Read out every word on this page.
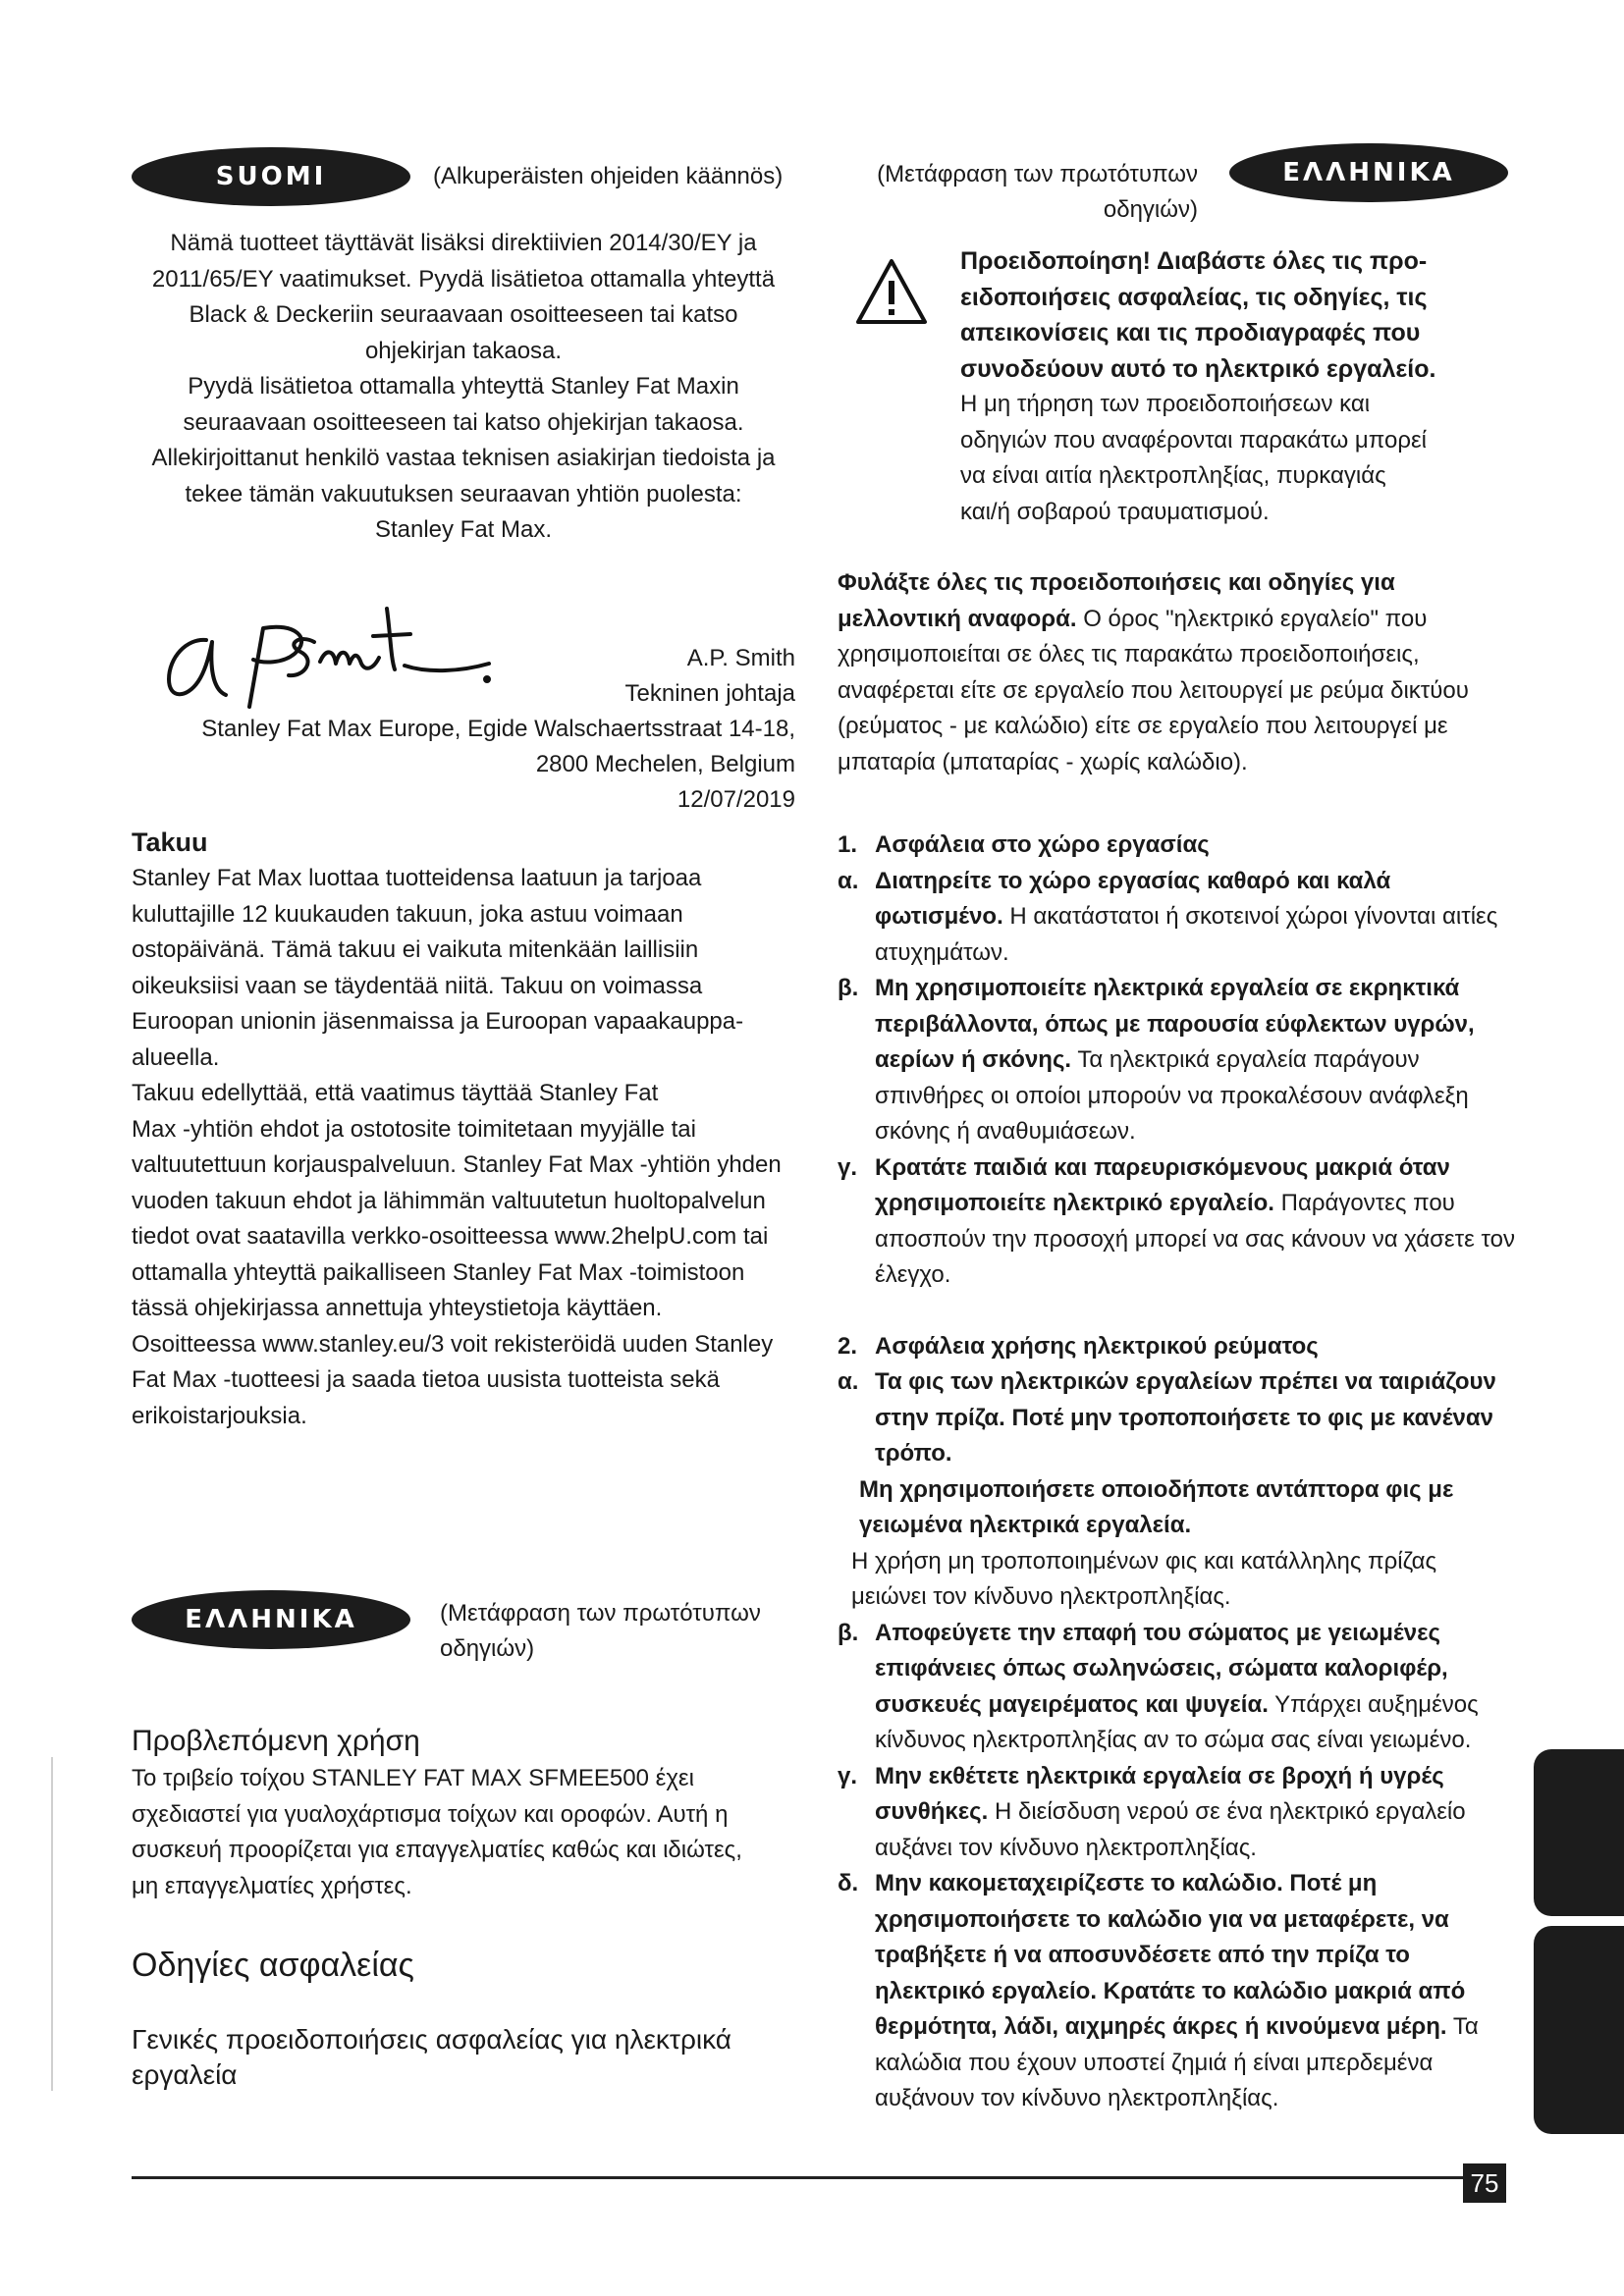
SUOMI	(Alkuperäisten ohjeiden käännös)
Nämä tuotteet täyttävät lisäksi direktiivien 2014/30/EY ja
2011/65/EY vaatimukset. Pyydä lisätietoa ottamalla yhteyttä
Black & Deckeriin seuraavaan osoitteeseen tai katso
ohjekirjan takaosa.
Pyydä lisätietoa ottamalla yhteyttä Stanley Fat Maxin
seuraavaan osoitteeseen tai katso ohjekirjan takaosa.
Allekirjoittanut henkilö vastaa teknisen asiakirjan tiedoista ja
tekee tämän vakuutuksen seuraavan yhtiön puolesta:
Stanley Fat Max.
A.P. Smith
Tekninen johtaja
Stanley Fat Max Europe, Egide Walschaertsstraat 14-18,
2800 Mechelen, Belgium
12/07/2019
Takuu
Stanley Fat Max luottaa tuotteidensa laatuun ja tarjoaa
kuluttajille 12 kuukauden takuun, joka astuu voimaan
ostopäivänä. Tämä takuu ei vaikuta mitenkään laillisiin
oikeuksiisi vaan se täydentää niitä. Takuu on voimassa
Euroopan unionin jäsenmaissa ja Euroopan vapaakauppa-
alueella.
Takuu edellyttää, että vaatimus täyttää Stanley Fat
Max -yhtiön ehdot ja ostotosite toimitetaan myyjälle tai
valtuutettuun korjauspalveluun. Stanley Fat Max -yhtiön yhden
vuoden takuun ehdot ja lähimmän valtuutetun huoltopalvelun
tiedot ovat saatavilla verkko-osoitteessa www.2helpU.com tai
ottamalla yhteyttä paikalliseen Stanley Fat Max -toimistoon
tässä ohjekirjassa annettuja yhteystietoja käyttäen.
Osoitteessa www.stanley.eu/3 voit rekisteröidä uuden Stanley
Fat Max -tuotteesi ja saada tietoa uusista tuotteista sekä
erikoistarjouksia.
ΕΛΛΗΝΙΚΑ	(Μετάφραση των πρωτότυπων
οδηγιών)
Προβλεπόμενη χρήση
Το τριβείο τοίχου STANLEY FAT MAX SFMEE500 έχει
σχεδιαστεί για γυαλοχάρτισμα τοίχων και οροφών. Αυτή η
συσκευή προορίζεται για επαγγελματίες καθώς και ιδιώτες,
μη επαγγελματίες χρήστες.
Οδηγίες ασφαλείας
Γενικές προειδοποιήσεις ασφαλείας για ηλεκτρικά
εργαλεία
(Μετάφραση των πρωτότυπων
οδηγιών)
ΕΛΛΗΝΙΚΑ
Προειδοποίηση! Διαβάστε όλες τις προ-
ειδοποιήσεις ασφαλείας, τις οδηγίες, τις
απεικονίσεις και τις προδιαγραφές που
συνοδεύουν αυτό το ηλεκτρικό εργαλείο.
Η μη τήρηση των προειδοποιήσεων και
οδηγιών που αναφέρονται παρακάτω μπορεί
να είναι αιτία ηλεκτροπληξίας, πυρκαγιάς
και/ή σοβαρού τραυματισμού.
Φυλάξτε όλες τις προειδοποιήσεις και οδηγίες για
μελλοντική αναφορά. Ο όρος "ηλεκτρικό εργαλείο" που
χρησιμοποιείται σε όλες τις παρακάτω προειδοποιήσεις,
αναφέρεται είτε σε εργαλείο που λειτουργεί με ρεύμα δικτύου
(ρεύματος - με καλώδιο) είτε σε εργαλείο που λειτουργεί με
μπαταρία (μπαταρίας - χωρίς καλώδιο).
1. Ασφάλεια στο χώρο εργασίας
α. Διατηρείτε το χώρο εργασίας καθαρό και καλά φωτισμένο. Η ακατάστατοι ή σκοτεινοί χώροι γίνονται αιτίες ατυχημάτων.
β. Μη χρησιμοποιείτε ηλεκτρικά εργαλεία σε εκρηκτικά περιβάλλοντα, όπως με παρουσία εύφλεκτων υγρών, αερίων ή σκόνης. Τα ηλεκτρικά εργαλεία παράγουν σπινθήρες οι οποίοι μπορούν να προκαλέσουν ανάφλεξη σκόνης ή αναθυμιάσεων.
γ. Κρατάτε παιδιά και παρευρισκόμενους μακριά όταν χρησιμοποιείτε ηλεκτρικό εργαλείο. Παράγοντες που αποσπούν την προσοχή μπορεί να σας κάνουν να χάσετε τον έλεγχο.
2. Ασφάλεια χρήσης ηλεκτρικού ρεύματος
α. Τα φις των ηλεκτρικών εργαλείων πρέπει να ταιριάζουν στην πρίζα. Ποτέ μην τροποποιήσετε το φις με κανέναν τρόπο.
Μη χρησιμοποιήσετε οποιοδήποτε αντάπτορα φις με γειωμένα ηλεκτρικά εργαλεία.
Η χρήση μη τροποποιημένων φις και κατάλληλης πρίζας μειώνει τον κίνδυνο ηλεκτροπληξίας.
β. Αποφεύγετε την επαφή του σώματος με γειωμένες επιφάνειες όπως σωληνώσεις, σώματα καλοριφέρ, συσκευές μαγειρέματος και ψυγεία. Υπάρχει αυξημένος κίνδυνος ηλεκτροπληξίας αν το σώμα σας είναι γειωμένο.
γ. Μην εκθέτετε ηλεκτρικά εργαλεία σε βροχή ή υγρές συνθήκες. Η διείσδυση νερού σε ένα ηλεκτρικό εργαλείο αυξάνει τον κίνδυνο ηλεκτροπληξίας.
δ. Μην κακομεταχειρίζεστε το καλώδιο. Ποτέ μη χρησιμοποιήσετε το καλώδιο για να μεταφέρετε, να τραβήξετε ή να αποσυνδέσετε από την πρίζα το ηλεκτρικό εργαλείο. Κρατάτε το καλώδιο μακριά από θερμότητα, λάδι, αιχμηρές άκρες ή κινούμενα μέρη. Τα καλώδια που έχουν υποστεί ζημιά ή είναι μπερδεμένα αυξάνουν τον κίνδυνο ηλεκτροπληξίας.
75
